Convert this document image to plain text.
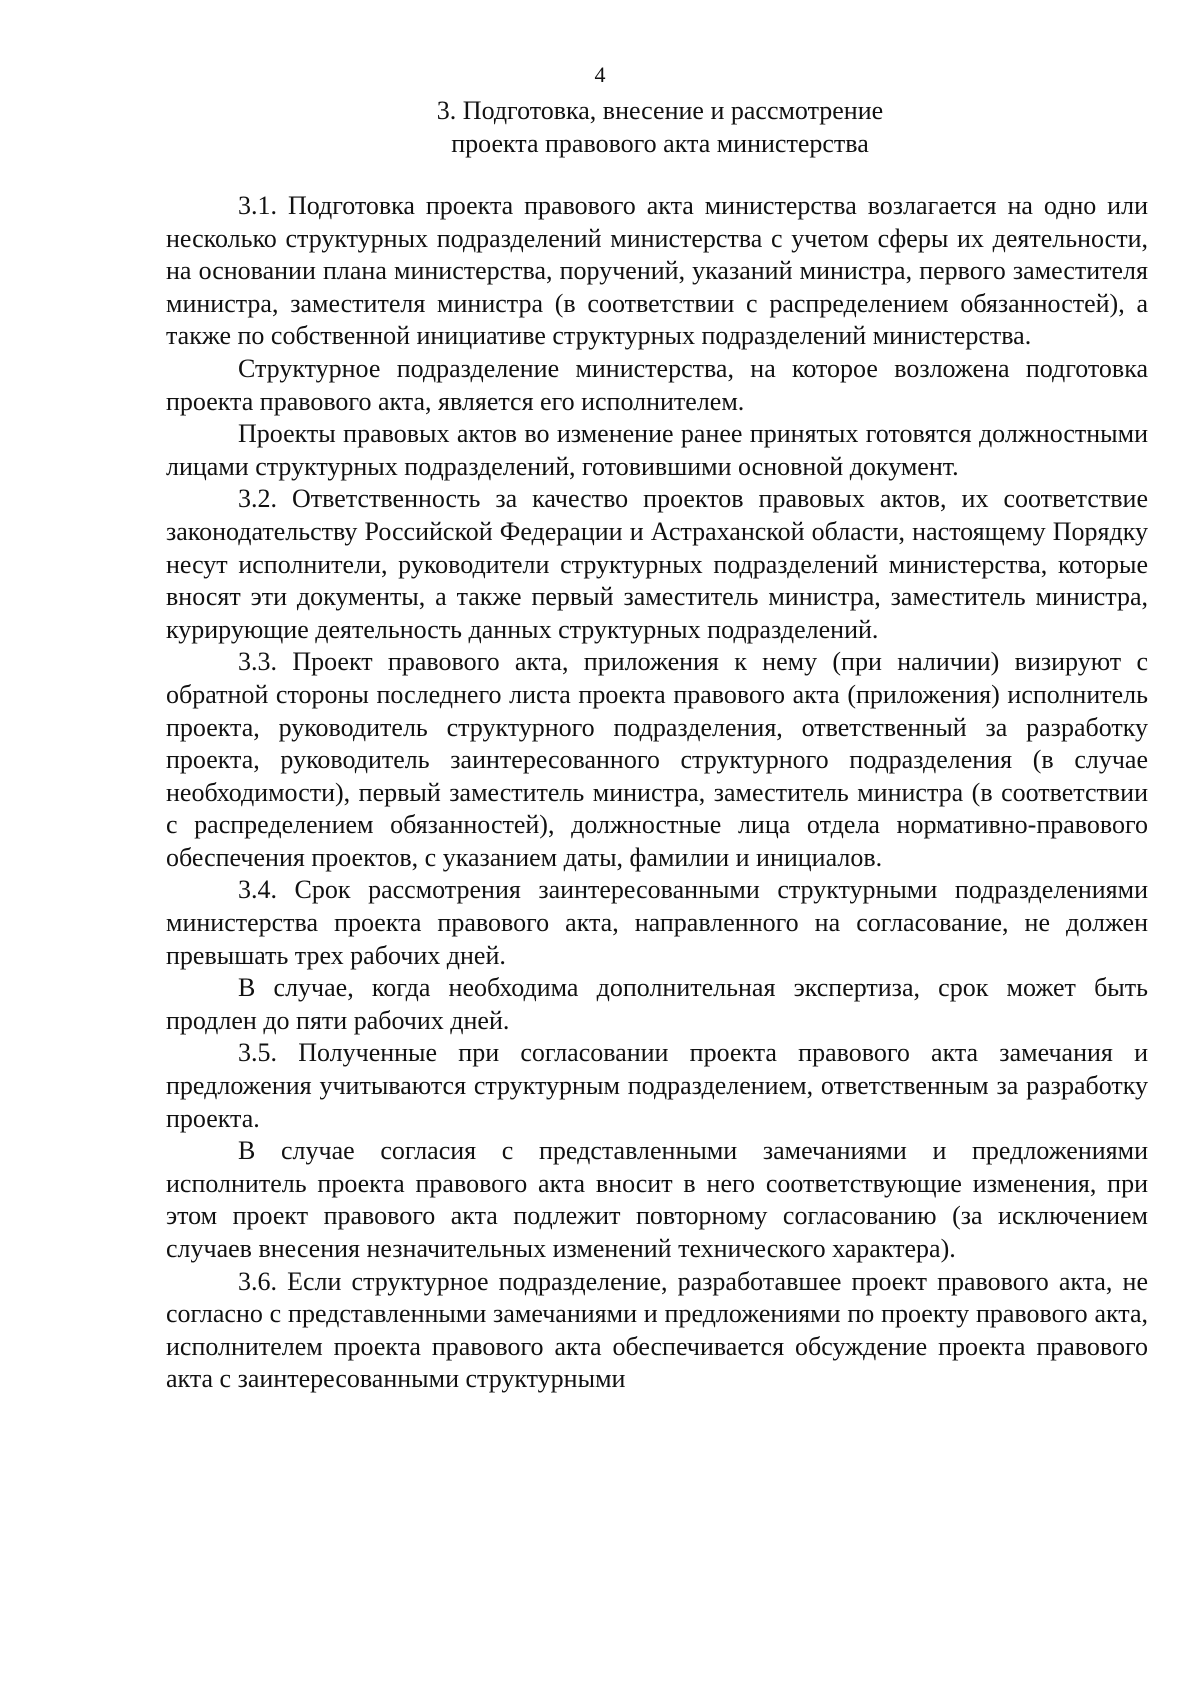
4
3. Подготовка, внесение и рассмотрение
проекта правового акта министерства

3.1. Подготовка проекта правового акта министерства возлагается на одно или несколько структурных подразделений министерства с учетом сферы их деятельности, на основании плана министерства, поручений, указаний министра, первого заместителя министра, заместителя министра (в соответствии с распределением обязанностей), а также по собственной инициативе структурных подразделений министерства.

Структурное подразделение министерства, на которое возложена подготовка проекта правового акта, является его исполнителем.

Проекты правовых актов во изменение ранее принятых готовятся должностными лицами структурных подразделений, готовившими основной документ.

3.2. Ответственность за качество проектов правовых актов, их соответствие законодательству Российской Федерации и Астраханской области, настоящему Порядку несут исполнители, руководители структурных подразделений министерства, которые вносят эти документы, а также первый заместитель министра, заместитель министра, курирующие деятельность данных структурных подразделений.

3.3. Проект правового акта, приложения к нему (при наличии) визируют с обратной стороны последнего листа проекта правового акта (приложения) исполнитель проекта, руководитель структурного подразделения, ответственный за разработку проекта, руководитель заинтересованного структурного подразделения (в случае необходимости), первый заместитель министра, заместитель министра (в соответствии с распределением обязанностей), должностные лица отдела нормативно-правового обеспечения проектов, с указанием даты, фамилии и инициалов.

3.4. Срок рассмотрения заинтересованными структурными подразделениями министерства проекта правового акта, направленного на согласование, не должен превышать трех рабочих дней.

В случае, когда необходима дополнительная экспертиза, срок может быть продлен до пяти рабочих дней.

3.5. Полученные при согласовании проекта правового акта замечания и предложения учитываются структурным подразделением, ответственным за разработку проекта.

В случае согласия с представленными замечаниями и предложениями исполнитель проекта правового акта вносит в него соответствующие изменения, при этом проект правового акта подлежит повторному согласованию (за исключением случаев внесения незначительных изменений технического характера).

3.6. Если структурное подразделение, разработавшее проект правового акта, не согласно с представленными замечаниями и предложениями по проекту правового акта, исполнителем проекта правового акта обеспечивается обсуждение проекта правового акта с заинтересованными структурными
